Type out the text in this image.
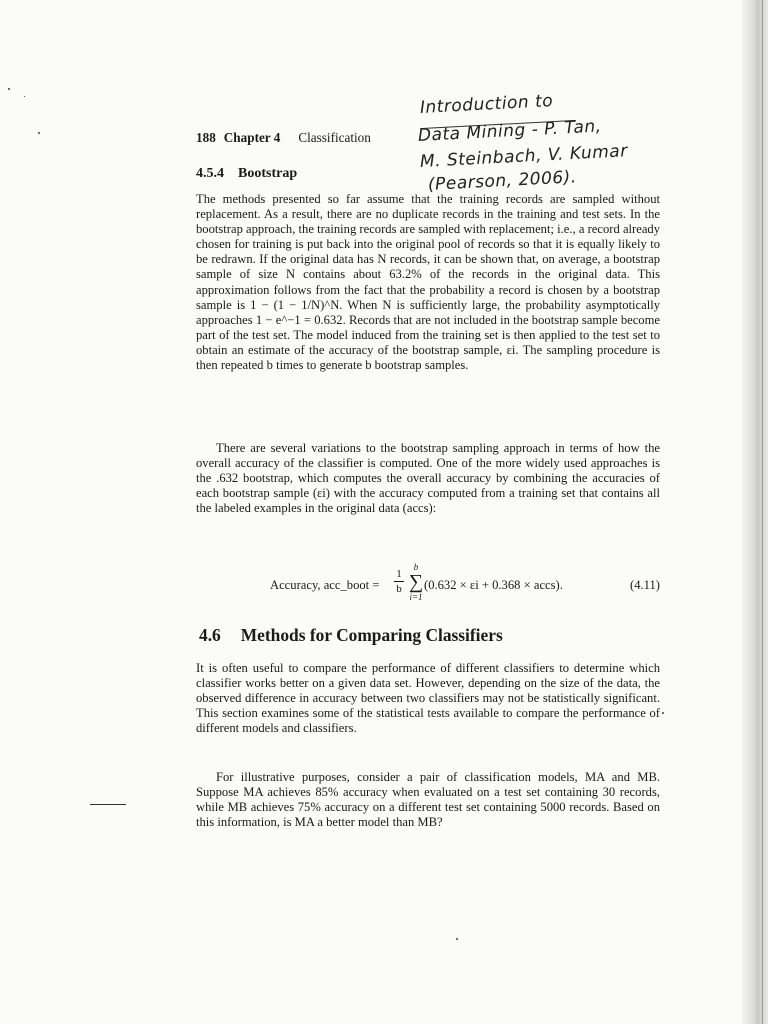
Introduction to
Data Mining - P. Tan,
M. Steinbach, V. Kumar
(Pearson, 2006).
188 Chapter 4 Classification
4.5.4 Bootstrap

The methods presented so far assume that the training records are sampled without replacement. As a result, there are no duplicate records in the training and test sets. In the bootstrap approach, the training records are sampled with replacement; i.e., a record already chosen for training is put back into the original pool of records so that it is equally likely to be redrawn. If the original data has N records, it can be shown that, on average, a bootstrap sample of size N contains about 63.2% of the records in the original data. This approximation follows from the fact that the probability a record is chosen by a bootstrap sample is 1 − (1 − 1/N)^N. When N is sufficiently large, the probability asymptotically approaches 1 − e^−1 = 0.632. Records that are not included in the bootstrap sample become part of the test set. The model induced from the training set is then applied to the test set to obtain an estimate of the accuracy of the bootstrap sample, εi. The sampling procedure is then repeated b times to generate b bootstrap samples.

There are several variations to the bootstrap sampling approach in terms of how the overall accuracy of the classifier is computed. One of the more widely used approaches is the .632 bootstrap, which computes the overall accuracy by combining the accuracies of each bootstrap sample (εi) with the accuracy computed from a training set that contains all the labeled examples in the original data (accs):

Accuracy, acc_boot =
1
b
b
∑
i=1
(0.632 × εi + 0.368 × accs).	(4.11)
4.6 Methods for Comparing Classifiers

It is often useful to compare the performance of different classifiers to determine which classifier works better on a given data set. However, depending on the size of the data, the observed difference in accuracy between two classifiers may not be statistically significant. This section examines some of the statistical tests available to compare the performance of different models and classifiers.

For illustrative purposes, consider a pair of classification models, MA and MB. Suppose MA achieves 85% accuracy when evaluated on a test set containing 30 records, while MB achieves 75% accuracy on a different test set containing 5000 records. Based on this information, is MA a better model than MB?
